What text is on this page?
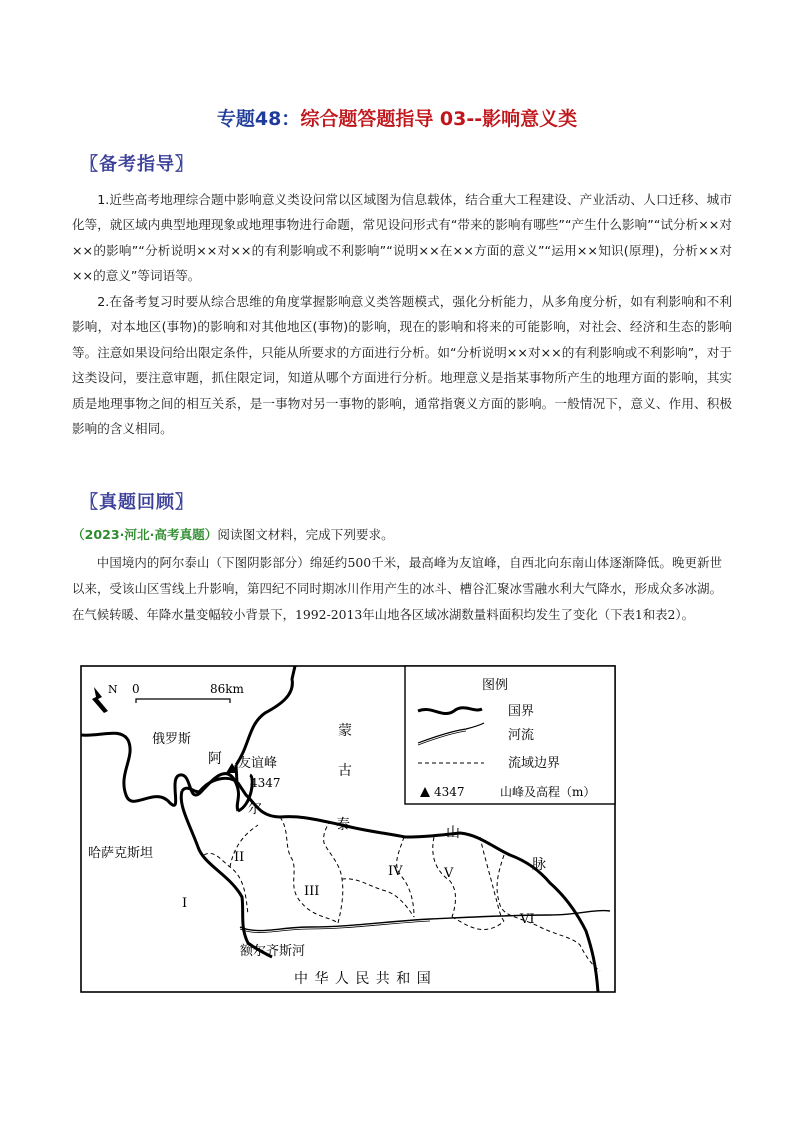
专题48：综合题答题指导 03--影响意义类
〖备考指导〗
1.近些高考地理综合题中影响意义类设问常以区域图为信息载体，结合重大工程建设、产业活动、人口迁移、城市化等，就区域内典型地理现象或地理事物进行命题，常见设问形式有“带来的影响有哪些”“产生什么影响”“试分析××对××的影响”“分析说明××对××的有利影响或不利影响”“说明××在××方面的意义”“运用××知识(原理)，分析××对××的意义”等词语等。
2.在备考复习时要从综合思维的角度掌握影响意义类答题模式，强化分析能力，从多角度分析，如有利影响和不利影响，对本地区(事物)的影响和对其他地区(事物)的影响，现在的影响和将来的可能影响，对社会、经济和生态的影响等。注意如果设问给出限定条件，只能从所要求的方面进行分析。如“分析说明××对××的有利影响或不利影响”，对于这类设问，要注意审题，抓住限定词，知道从哪个方面进行分析。地理意义是指某事物所产生的地理方面的影响，其实质是地理事物之间的相互关系，是一事物对另一事物的影响，通常指褒义方面的影响。一般情况下，意义、作用、积极影响的含义相同。
〖真题回顾〗
（2023·河北·高考真题）阅读图文材料，完成下列要求。
中国境内的阿尔泰山（下图阴影部分）绵延约500千米，最高峰为友谊峰，自西北向东南山体逐渐降低。晚更新世以来，受该山区雪线上升影响，第四纪不同时期冰川作用产生的冰斗、槽谷汇聚冰雪融水利大气降水，形成众多冰湖。在气候转暖、年降水量变幅较小背景下，1992-2013年山地各区域冰湖数量料面积均发生了变化（下表1和表2）。
N 0	86km
俄罗斯
哈萨克斯坦
蒙
古
中 华 人 民 共 和 国
阿
尔
泰	山
脉
友谊峰
4347
额尔齐斯河
I
II
III
IV	V
VI
图例
国界
河流
流域边界
4347	山峰及高程（m）
